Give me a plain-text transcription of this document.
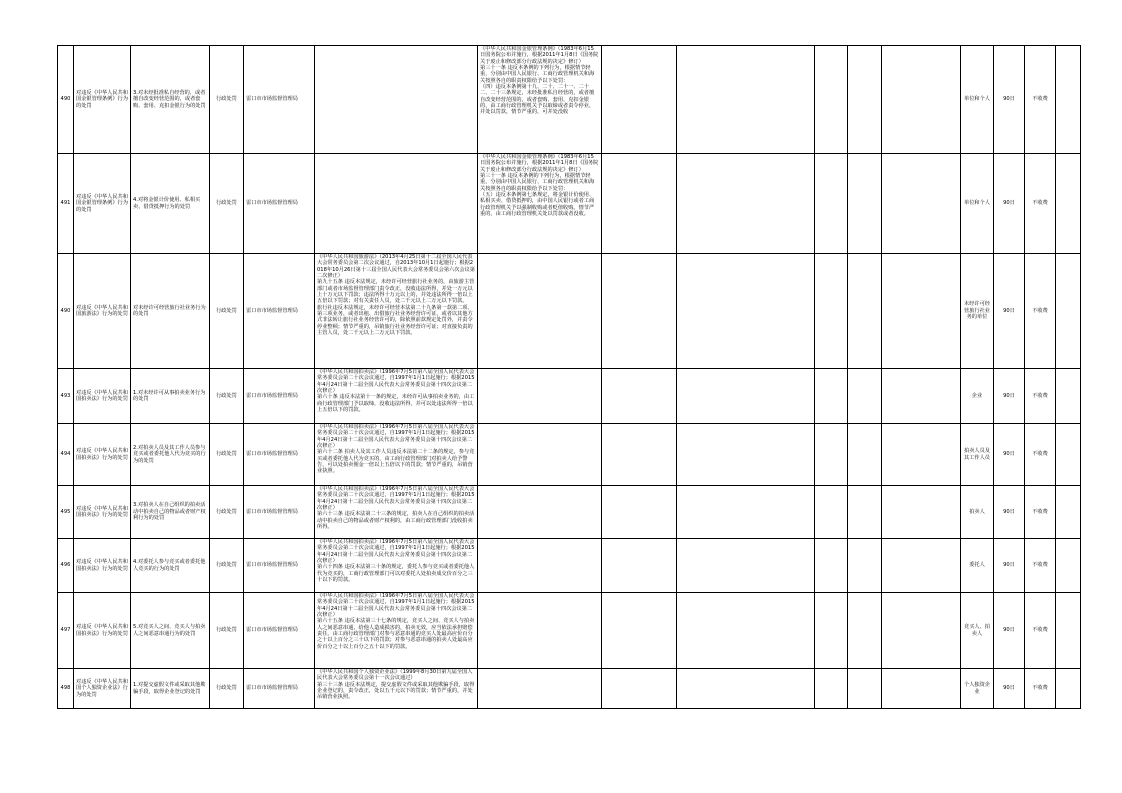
490	对违反《中华人民共和国金银管理条例》行为的处罚	3.对未经批准私自经营的，或者擅自改变经营范围的，或者套购、套用、克扣金银行为的处罚	行政处罚	雷口市市场监督管理局		《中华人民共和国金银管理条例》（1983年6月15日国务院公布并施行，根据2011年1月8日《国务院关于废止和修改部分行政法规的决定》修订）
第三十一条 违反本条例的下列行为，根据情节轻重，分别由中国人民银行、工商行政管理机关和海关按照各自的职责权限给予以下处罚：
（四）违反本条例第十九、二十、二十一、二十二、二十三条规定，未经批准私自经营的，或者擅自改变经营范围的，或者套购、套用、克扣金银的，由工商行政管理机关予以取缔或者责令停业，并处以罚款，情节严重的，可并处没收						单位和个人	90日	不收费	
491	对违反《中华人民共和国金银管理条例》行为的处罚	4.对将金银计价使用、私相买卖、借贷抵押行为的处罚	行政处罚	雷口市市场监督管理局		《中华人民共和国金银管理条例》（1983年6月15日国务院公布并施行，根据2011年1月8日《国务院关于废止和修改部分行政法规的决定》修订）
第三十一条 违反本条例的下列行为，根据情节轻重，分别由中国人民银行、工商行政管理机关和海关按照各自的职责权限给予以下处罚：
（五）违反本条例第七条规定，将金银计价使用、私相买卖、借贷抵押的，由中国人民银行或者工商行政管理机关予以强制收购或者贬值收购。情节严重的，由工商行政管理机关处以罚款或者没收。						单位和个人	90日	不收费	
490	对违反《中华人民共和国旅游法》行为的处罚	对未经许可经营旅行社业务行为的处罚	行政处罚	雷口市市场监督管理局	《中华人民共和国旅游法》（2013年4月25日第十二届全国人民代表大会常务委员会第二次会议通过，自2013年10月1日起施行；根据2018年10月26日第十三届全国人民代表大会常务委员会第六次会议第二次修正）
第九十五条 违反本法规定，未经许可经营旅行社业务的，由旅游主管部门或者市场监督管理部门责令改正，没收违法所得，并处一万元以上十万元以下罚款；违法所得十万元以上的，并处违法所得一倍以上五倍以下罚款；对有关责任人员，处二千元以上二万元以下罚款。
旅行社违反本法规定，未经许可经营本法第二十九条第一款第二项、第三项业务，或者出租、出借旅行社业务经营许可证，或者以其他方式非法转让旅行社业务经营许可的，除依照前款规定处罚外，并责令停业整顿；情节严重的，吊销旅行社业务经营许可证；对直接负责的主管人员，处二千元以上二万元以下罚款。							未经许可经营旅行社业务的单位	90日	不收费	
493	对违反《中华人民共和国拍卖法》行为的处罚	1.对未经许可从事拍卖业务行为的处罚	行政处罚	雷口市市场监督管理局	《中华人民共和国拍卖法》（1996年7月5日第八届全国人民代表大会常务委员会第二十次会议通过，自1997年1月1日起施行；根据2015年4月24日第十二届全国人民代表大会常务委员会第十四次会议第二次修正）
第六十条 违反本法第十一条的规定，未经许可从事拍卖业务的，由工商行政管理部门予以取缔，没收违法所得，并可以处违法所得一倍以上五倍以下的罚款。							企业	90日	不收费	
494	对违反《中华人民共和国拍卖法》行为的处罚	2.对拍卖人员及其工作人员参与竞买或者委托他人代为竞买的行为的处罚	行政处罚	雷口市市场监督管理局	《中华人民共和国拍卖法》（1996年7月5日第八届全国人民代表大会常务委员会第二十次会议通过，自1997年1月1日起施行；根据2015年4月24日第十二届全国人民代表大会常务委员会第十四次会议第二次修正）
第六十二条 拍卖人及其工作人员违反本法第二十二条的规定，参与竞买或者委托他人代为竞买的，由工商行政管理部门对拍卖人给予警告，可以处拍卖佣金一倍以上五倍以下的罚款；情节严重的，吊销营业执照。							拍卖人员及其工作人员	90日	不收费	
495	对违反《中华人民共和国拍卖法》行为的处罚	3.对拍卖人在自己组织的拍卖活动中拍卖自己的物品或者财产权利行为的处罚	行政处罚	雷口市市场监督管理局	《中华人民共和国拍卖法》（1996年7月5日第八届全国人民代表大会常务委员会第二十次会议通过，自1997年1月1日起施行；根据2015年4月24日第十二届全国人民代表大会常务委员会第十四次会议第二次修正）
第六十三条 违反本法第二十三条的规定，拍卖人在自己组织的拍卖活动中拍卖自己的物品或者财产权利的，由工商行政管理部门没收拍卖所得。							拍卖人	90日	不收费	
496	对违反《中华人民共和国拍卖法》行为的处罚	4.对委托人参与竞买或者委托他人竞买的行为的处罚	行政处罚	雷口市市场监督管理局	《中华人民共和国拍卖法》（1996年7月5日第八届全国人民代表大会常务委员会第二十次会议通过，自1997年1月1日起施行；根据2015年4月24日第十二届全国人民代表大会常务委员会第十四次会议第二次修正）
第六十四条 违反本法第三十条的规定，委托人参与竞买或者委托他人代为竞买的，工商行政管理部门可以对委托人处拍卖成交价百分之三十以下的罚款。							委托人	90日	不收费	
497	对违反《中华人民共和国拍卖法》行为的处罚	5.对竞买人之间、竞买人与拍卖人之间恶意串通行为的处罚	行政处罚	雷口市市场监督管理局	《中华人民共和国拍卖法》（1996年7月5日第八届全国人民代表大会常务委员会第二十次会议通过，自1997年1月1日起施行；根据2015年4月24日第十二届全国人民代表大会常务委员会第十四次会议第二次修正）
第六十五条 违反本法第三十七条的规定，竞买人之间、竞买人与拍卖人之间恶意串通，给他人造成损害的，拍卖无效，应当依法承担赔偿责任。由工商行政管理部门对参与恶意串通的竞买人处最高应价百分之十以上百分之三十以下的罚款；对参与恶意串通的拍卖人处最高应价百分之十以上百分之五十以下的罚款。							竞买人、拍卖人	90日	不收费	
498	对违反《中华人民共和国个人独资企业法》行为的处罚	1.对提交虚假文件或采取其他欺骗手段，取得企业登记的处罚	行政处罚	雷口市市场监督管理局	《中华人民共和国个人独资企业法》（1999年8月30日第九届全国人民代表大会常务委员会第十一次会议通过）
第三十三条 违反本法规定，提交虚假文件或采取其他欺骗手段，取得企业登记的，责令改正，处以五千元以下的罚款；情节严重的，并处吊销营业执照。							个人独资企业	90日	不收费	
